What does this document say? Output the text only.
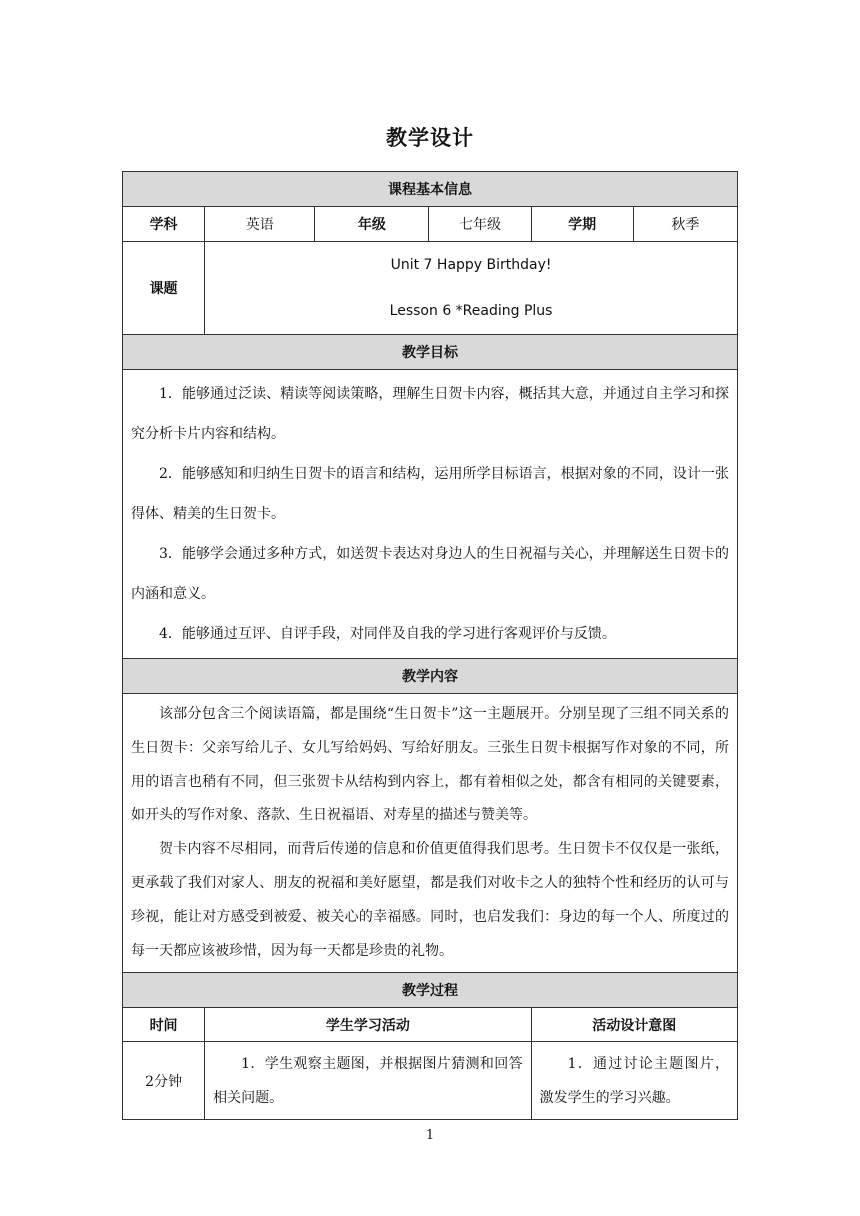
教学设计
课程基本信息					
学科	英语	年级	七年级	学期	秋季
课题	Unit 7 Happy Birthday!
Lesson 6 *Reading Plus				

教学目标					

1．能够通过泛读、精读等阅读策略，理解生日贺卡内容，概括其大意，并通过自主学习和探究分析卡片内容和结构。

2．能够感知和归纳生日贺卡的语言和结构，运用所学目标语言，根据对象的不同，设计一张得体、精美的生日贺卡。

3．能够学会通过多种方式，如送贺卡表达对身边人的生日祝福与关心，并理解送生日贺卡的内涵和意义。

4．能够通过互评、自评手段，对同伴及自我的学习进行客观评价与反馈。					

教学内容					

该部分包含三个阅读语篇，都是围绕“生日贺卡”这一主题展开。分别呈现了三组不同关系的生日贺卡：父亲写给儿子、女儿写给妈妈、写给好朋友。三张生日贺卡根据写作对象的不同，所用的语言也稍有不同，但三张贺卡从结构到内容上，都有着相似之处，都含有相同的关键要素，如开头的写作对象、落款、生日祝福语、对寿星的描述与赞美等。

贺卡内容不尽相同，而背后传递的信息和价值更值得我们思考。生日贺卡不仅仅是一张纸，更承载了我们对家人、朋友的祝福和美好愿望，都是我们对收卡之人的独特个性和经历的认可与珍视，能让对方感受到被爱、被关心的幸福感。同时，也启发我们：身边的每一个人、所度过的每一天都应该被珍惜，因为每一天都是珍贵的礼物。					

教学过程					
时间	学生学习活动			活动设计意图	
2分钟	1．学生观察主题图，并根据图片猜测和回答相关问题。			1．通过讨论主题图片，激发学生的学习兴趣。	

1
